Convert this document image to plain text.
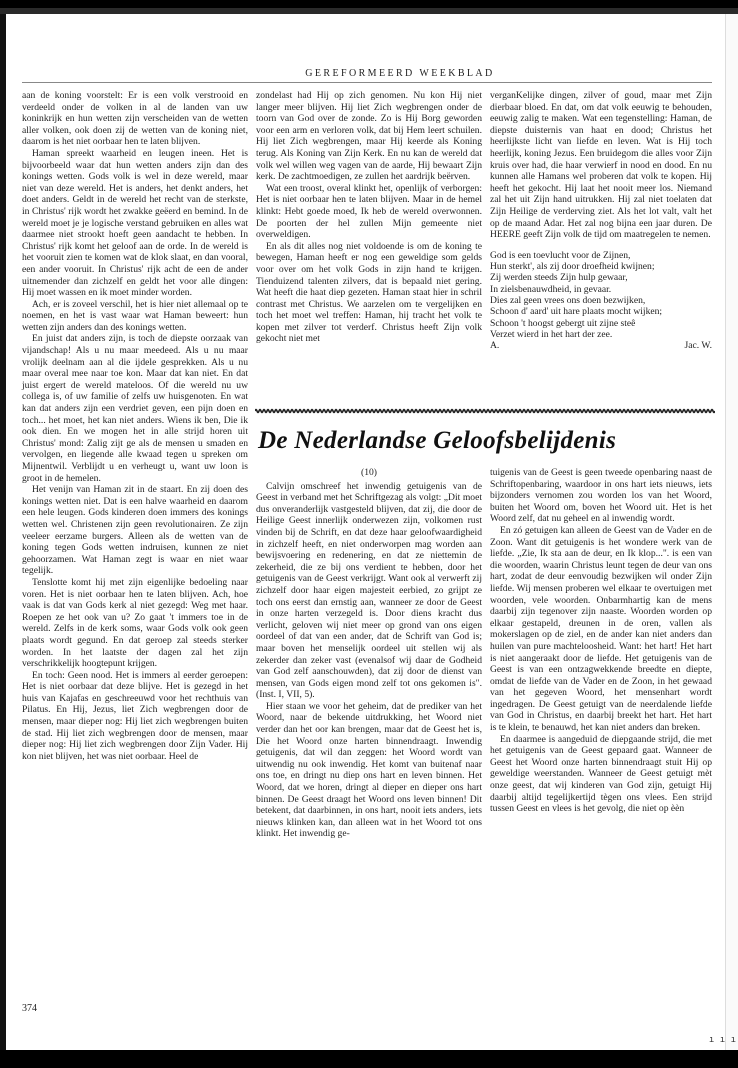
ı ı ı
GEREFORMEERD WEEKBLAD

aan de koning voorstelt: Er is een volk verstrooid en verdeeld onder de volken in al de landen van uw koninkrijk en hun wetten zijn verscheiden van de wetten aller volken, ook doen zij de wetten van de koning niet, daarom is het niet oorbaar hen te laten blijven.

Haman spreekt waarheid en leugen ineen. Het is bijvoorbeeld waar dat hun wetten anders zijn dan des konings wetten. Gods volk is wel in deze wereld, maar niet van deze wereld. Het is anders, het denkt anders, het doet anders. Geldt in de wereld het recht van de sterkste, in Christus' rijk wordt het zwakke geëerd en bemind. In de wereld moet je je logische verstand gebruiken en alles wat daarmee niet strookt hoeft geen aandacht te hebben. In Christus' rijk komt het geloof aan de orde. In de wereld is het vooruit zien te komen wat de klok slaat, en dan vooral, een ander vooruit. In Christus' rijk acht de een de ander uitnemender dan zichzelf en geldt het voor alle dingen: Hij moet wassen en ik moet minder worden.

Ach, er is zoveel verschil, het is hier niet allemaal op te noemen, en het is vast waar wat Haman beweert: hun wetten zijn anders dan des konings wetten.

En juist dat anders zijn, is toch de diepste oorzaak van vijandschap! Als u nu maar meedeed. Als u nu maar vrolijk deelnam aan al die ijdele gesprekken. Als u nu maar overal mee naar toe kon. Maar dat kan niet. En dat juist ergert de wereld mateloos. Of die wereld nu uw collega is, of uw familie of zelfs uw huisgenoten. En wat kan dat anders zijn een verdriet geven, een pijn doen en toch... het moet, het kan niet anders. Wiens ik ben, Die ik ook dien. En we mogen het in alle strijd horen uit Christus' mond: Zalig zijt ge als de mensen u smaden en vervolgen, en liegende alle kwaad tegen u spreken om Mijnentwil. Verblijdt u en verheugt u, want uw loon is groot in de hemelen.

Het venijn van Haman zit in de staart. En zij doen des konings wetten niet. Dat is een halve waarheid en daarom een hele leugen. Gods kinderen doen immers des konings wetten wel. Christenen zijn geen revolutionairen. Ze zijn veeleer eerzame burgers. Alleen als de wetten van de koning tegen Gods wetten indruisen, kunnen ze niet gehoorzamen. Wat Haman zegt is waar en niet waar tegelijk.

Tenslotte komt hij met zijn eigenlijke bedoeling naar voren. Het is niet oorbaar hen te laten blijven. Ach, hoe vaak is dat van Gods kerk al niet gezegd: Weg met haar. Roepen ze het ook van u? Zo gaat 't immers toe in de wereld. Zelfs in de kerk soms, waar Gods volk ook geen plaats wordt gegund. En dat geroep zal steeds sterker worden. In het laatste der dagen zal het zijn verschrikkelijk hoogtepunt krijgen.

En toch: Geen nood. Het is immers al eerder geroepen: Het is niet oorbaar dat deze blijve. Het is gezegd in het huis van Kajafas en geschreeuwd voor het rechthuis van Pilatus. En Hij, Jezus, liet Zich wegbrengen door de mensen, maar dieper nog: Hij liet zich wegbrengen buiten de stad. Hij liet zich wegbrengen door de mensen, maar dieper nog: Hij liet zich wegbrengen door Zijn Vader. Hij kon niet blijven, het was niet oorbaar. Heel de

zondelast had Hij op zich genomen. Nu kon Hij niet langer meer blijven. Hij liet Zich wegbrengen onder de toorn van God over de zonde. Zo is Hij Borg geworden voor een arm en verloren volk, dat bij Hem leert schuilen. Hij liet Zich wegbrengen, maar Hij keerde als Koning terug. Als Koning van Zijn Kerk. En nu kan de wereld dat volk wel willen weg vagen van de aarde, Hij bewaart Zijn kerk. De zachtmoedigen, ze zullen het aardrijk beërven.

Wat een troost, overal klinkt het, openlijk of verborgen: Het is niet oorbaar hen te laten blijven. Maar in de hemel klinkt: Hebt goede moed, Ik heb de wereld overwonnen. De poorten der hel zullen Mijn gemeente niet overweldigen.

En als dit alles nog niet voldoende is om de koning te bewegen, Haman heeft er nog een geweldige som gelds voor over om het volk Gods in zijn hand te krijgen. Tienduizend talenten zilvers, dat is bepaald niet gering. Wat heeft die haat diep gezeten. Haman staat hier in schril contrast met Christus. We aarzelen om te vergelijken en toch het moet wel treffen: Haman, hij tracht het volk te kopen met zilver tot verderf. Christus heeft Zijn volk gekocht niet met

verganKelijke dingen, zilver of goud, maar met Zijn dierbaar bloed. En dat, om dat volk eeuwig te behouden, eeuwig zalig te maken. Wat een tegenstelling: Haman, de diepste duisternis van haat en dood; Christus het heerlijkste licht van liefde en leven. Wat is Hij toch heerlijk, koning Jezus. Een bruidegom die alles voor Zijn kruis over had, die haar verwierf in nood en dood. En nu kunnen alle Hamans wel proberen dat volk te kopen. Hij heeft het gekocht. Hij laat het nooit meer los. Niemand zal het uit Zijn hand uitrukken. Hij zal niet toelaten dat Zijn Heilige de verderving ziet. Als het lot valt, valt het op de maand Adar. Het zal nog bijna een jaar duren. De HEERE geeft Zijn volk de tijd om maatregelen te nemen.

God is een toevlucht voor de Zijnen,
Hun sterkt', als zij door droefheid kwijnen;
Zij werden steeds Zijn hulp gewaar,
In zielsbenauwdheid, in gevaar.
Dies zal geen vrees ons doen bezwijken,
Schoon d' aard' uit hare plaats mocht wijken;
Schoon 't hoogst gebergt uit zijne steê
Verzet wierd in het hart der zee.

A.	Jac. W.

De Nederlandse Geloofsbelijdenis

(10)

Calvijn omschreef het inwendig getuigenis van de Geest in verband met het Schriftgezag als volgt: „Dit moet dus onveranderlijk vastgesteld blijven, dat zij, die door de Heilige Geest innerlijk onderwezen zijn, volkomen rust vinden bij de Schrift, en dat deze haar geloofwaardigheid in zichzelf heeft, en niet onderworpen mag worden aan bewijsvoering en redenering, en dat ze niettemin de zekerheid, die ze bij ons verdient te hebben, door het getuigenis van de Geest verkrijgt. Want ook al verwerft zij zichzelf door haar eigen majesteit eerbied, zo grijpt ze toch ons eerst dan ernstig aan, wanneer ze door de Geest in onze harten verzegeld is. Door diens kracht dus verlicht, geloven wij niet meer op grond van ons eigen oordeel of dat van een ander, dat de Schrift van God is; maar boven het menselijk oordeel uit stellen wij als zekerder dan zeker vast (evenalsof wij daar de Godheid van God zelf aanschouwden), dat zij door de dienst van mensen, van Gods eigen mond zelf tot ons gekomen is". (Inst. I, VII, 5).

Hier staan we voor het geheim, dat de prediker van het Woord, naar de bekende uitdrukking, het Woord niet verder dan het oor kan brengen, maar dat de Geest het is, Die het Woord onze harten binnendraagt. Inwendig getuigenis, dat wil dan zeggen: het Woord wordt van uitwendig nu ook inwendig. Het komt van buitenaf naar ons toe, en dringt nu diep ons hart en leven binnen. Het Woord, dat we horen, dringt al dieper en dieper ons hart binnen. De Geest draagt het Woord ons leven binnen! Dit betekent, dat daarbinnen, in ons hart, nooit iets anders, iets nieuws klinken kan, dan alleen wat in het Woord tot ons klinkt. Het inwendig ge-

tuigenis van de Geest is geen tweede openbaring naast de Schriftopenbaring, waardoor in ons hart iets nieuws, iets bijzonders vernomen zou worden los van het Woord, buiten het Woord om, boven het Woord uit. Het is het Woord zelf, dat nu geheel en al inwendig wordt.

En zó getuigen kan alleen de Geest van de Vader en de Zoon. Want dit getuigenis is het wondere werk van de liefde. „Zie, Ik sta aan de deur, en Ik klop...". is een van die woorden, waarin Christus leunt tegen de deur van ons hart, zodat de deur eenvoudig bezwijken wil onder Zijn liefde. Wij mensen proberen wel elkaar te overtuigen met woorden, vele woorden. Onbarmhartig kan de mens daarbij zijn tegenover zijn naaste. Woorden worden op elkaar gestapeld, dreunen in de oren, vallen als mokerslagen op de ziel, en de ander kan niet anders dan huilen van pure machteloosheid. Want: het hart! Het hart is niet aangeraakt door de liefde. Het getuigenis van de Geest is van een ontzagwekkende breedte en diepte, omdat de liefde van de Vader en de Zoon, in het gewaad van het gegeven Woord, het mensenhart wordt ingedragen. De Geest getuigt van de neerdalende liefde van God in Christus, en daarbij breekt het hart. Het hart is te klein, te benauwd, het kan niet anders dan breken.

En daarmee is aangeduid de diepgaande strijd, die met het getuigenis van de Geest gepaard gaat. Wanneer de Geest het Woord onze harten binnendraagt stuit Hij op geweldige weerstanden. Wanneer de Geest getuigt mèt onze geest, dat wij kinderen van God zijn, getuigt Hij daarbij altijd tegelijkertijd tègen ons vlees. Een strijd tussen Geest en vlees is het gevolg, die niet op èèn

374
